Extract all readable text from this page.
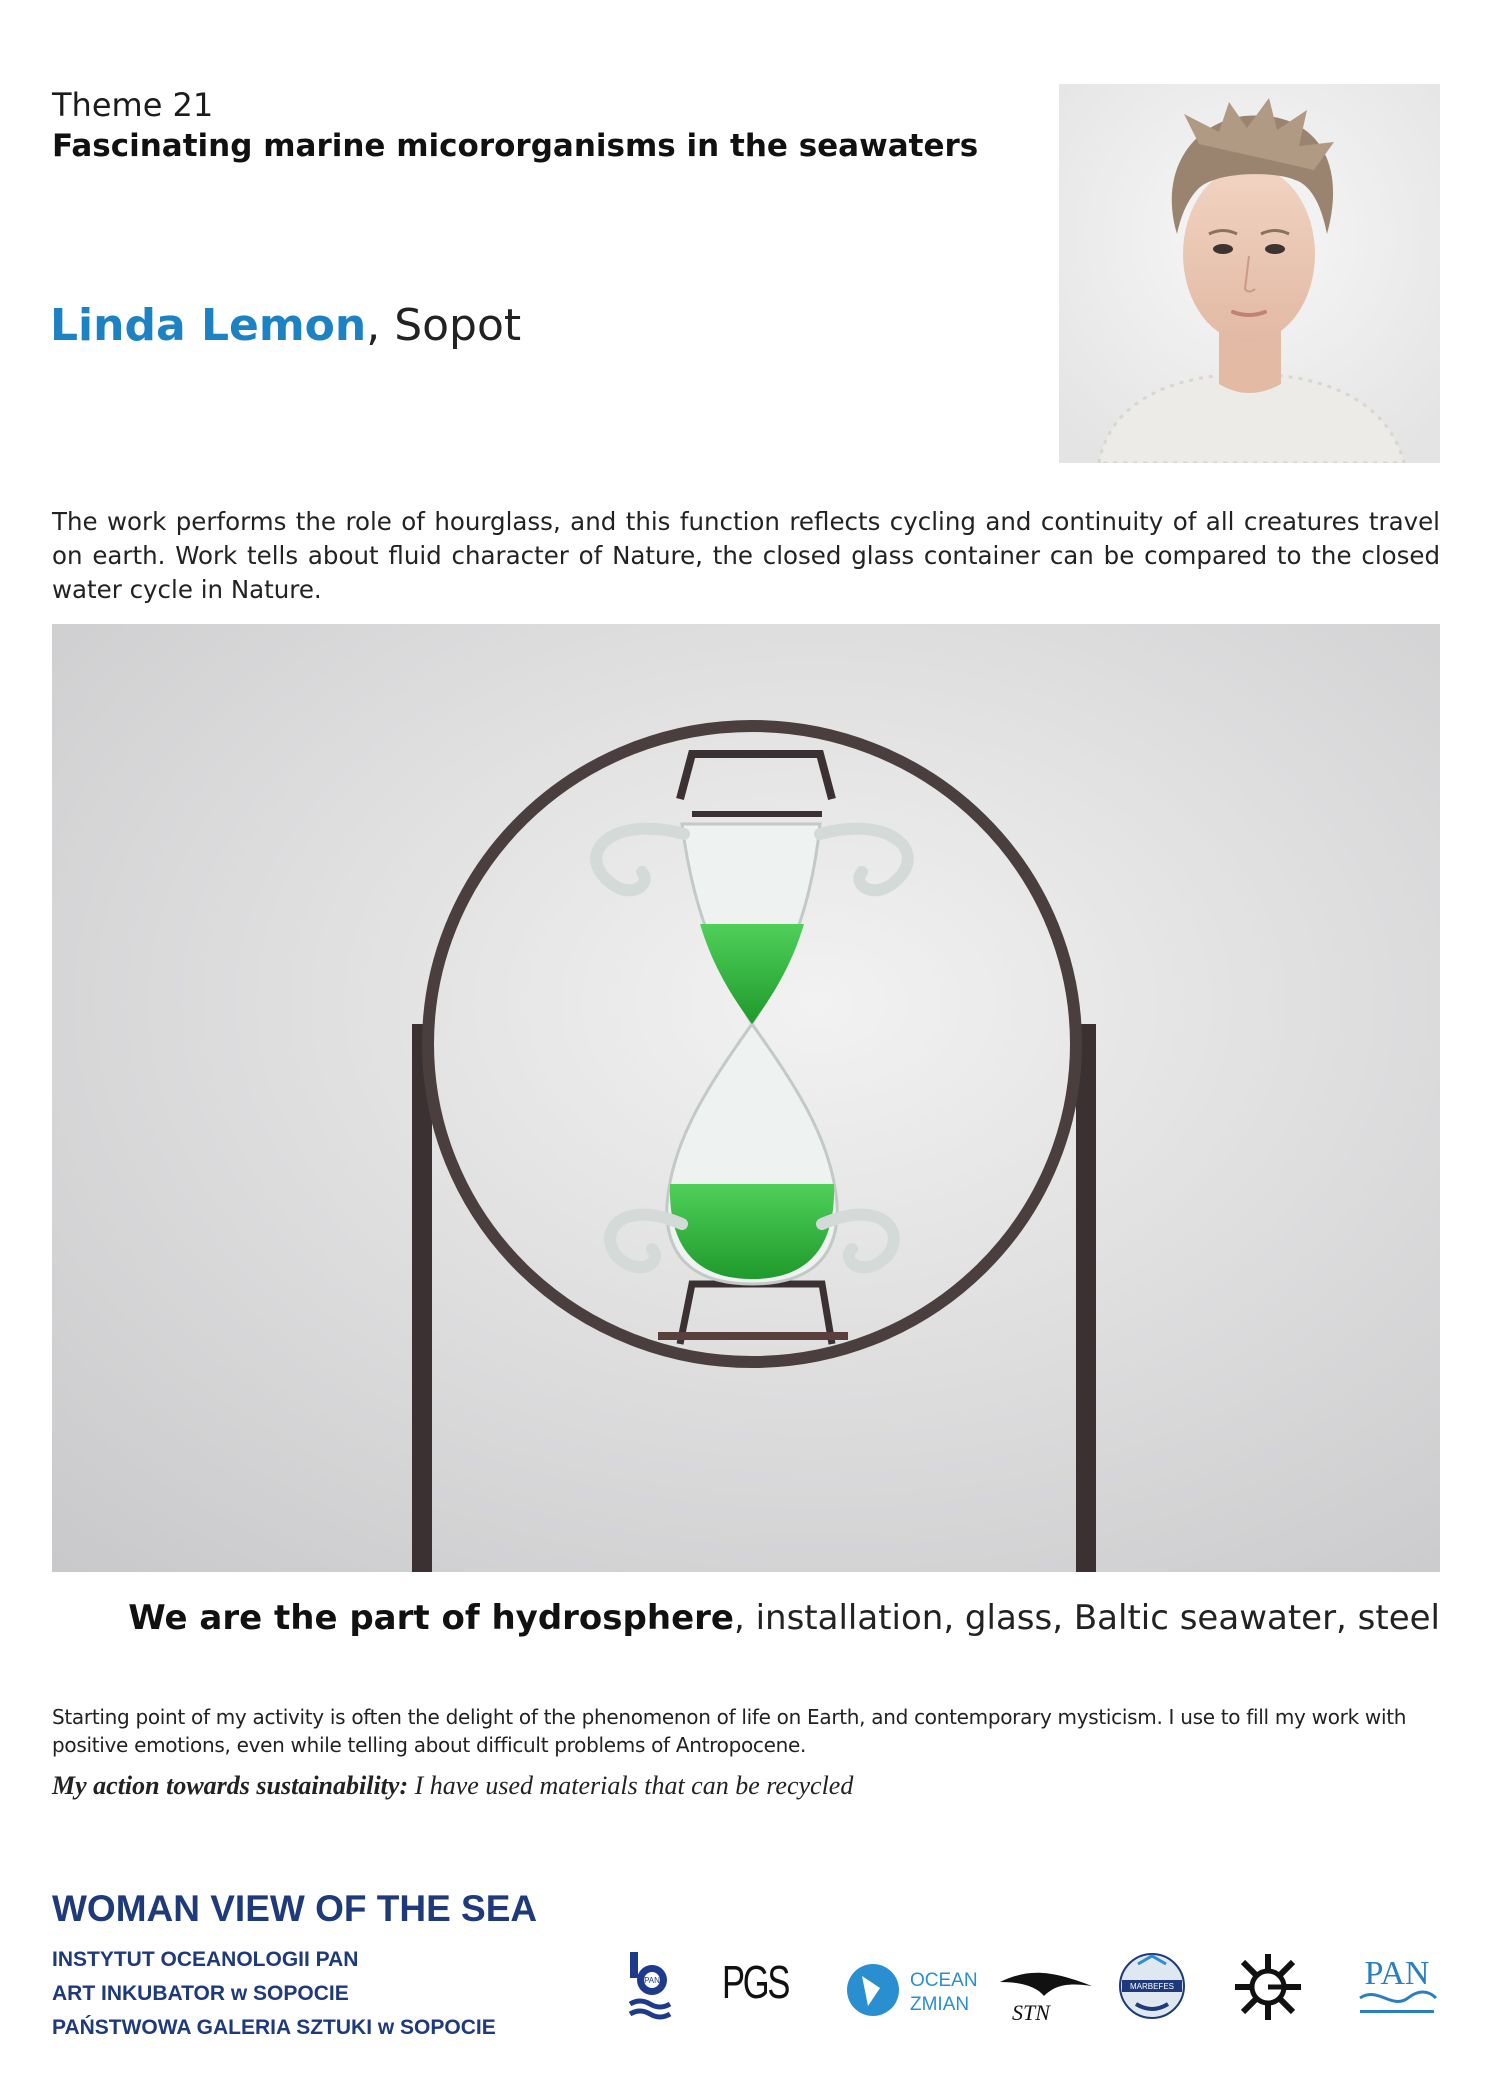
Theme 21
Fascinating marine micororganisms in the seawaters
Linda Lemon, Sopot
The work performs the role of hourglass, and this function reflects cycling and continuity of all creatures travel on earth. Work tells about fluid character of Nature, the closed glass container can be compared to the closed water cycle in Nature.
We are the part of hydrosphere, installation, glass, Baltic seawater, steel
Starting point of my activity is often the delight of the phenomenon of life on Earth, and contemporary mysticism. I use to fill my work with positive emotions, even while telling about difficult problems of Antropocene.
My action towards sustainability: I have used materials that can be recycled
WOMAN VIEW OF THE SEA
INSTYTUT OCEANOLOGII PAN
ART INKUBATOR w SOPOCIE
PAŃSTWOWA GALERIA SZTUKI w SOPOCIE
PAN PGS	OCEAN
ZMIAN STN
MARBEFES	PAN
